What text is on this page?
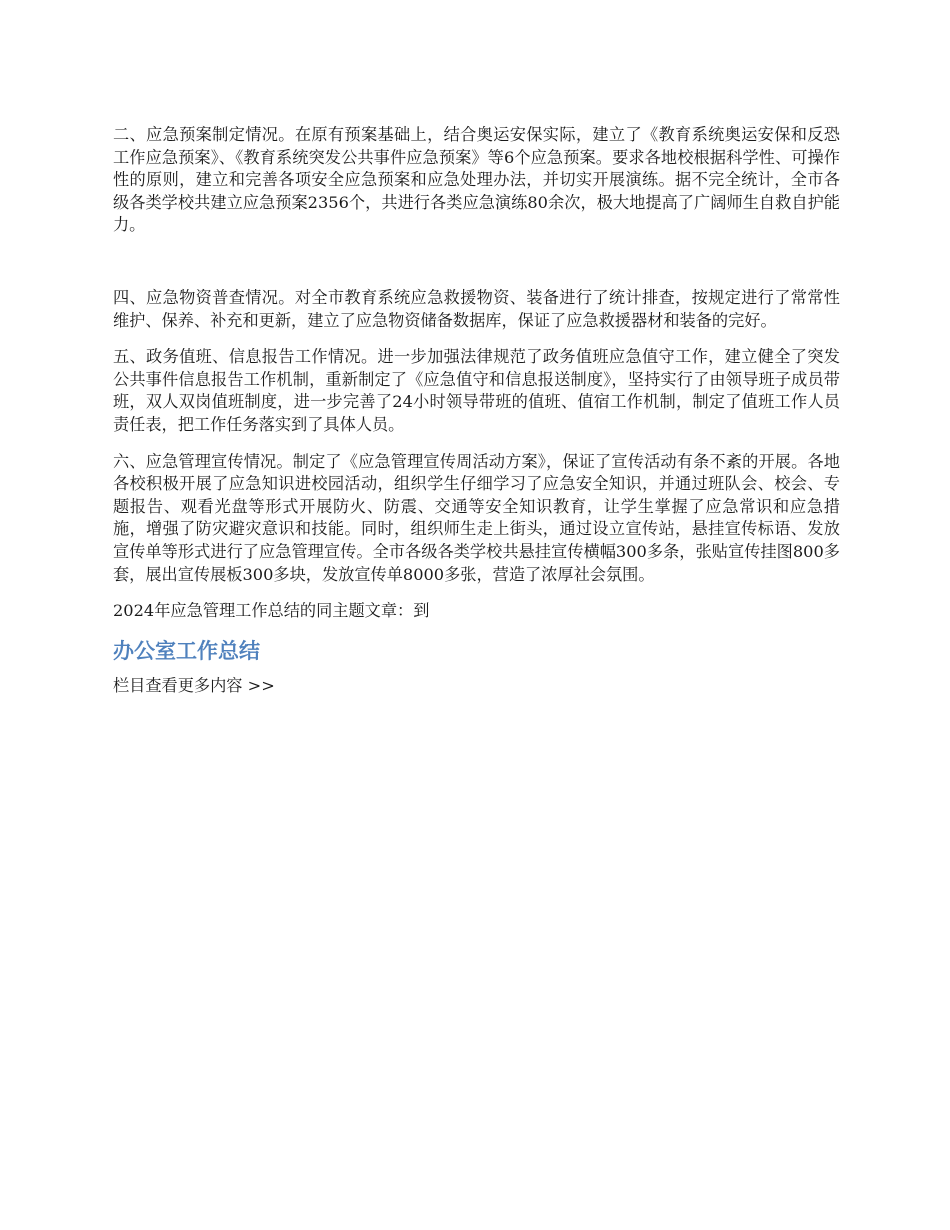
二、应急预案制定情况。在原有预案基础上，结合奥运安保实际，建立了《教育系统奥运安保和反恐工作应急预案》、《教育系统突发公共事件应急预案》等6个应急预案。要求各地校根据科学性、可操作性的原则，建立和完善各项安全应急预案和应急处理办法，并切实开展演练。据不完全统计，全市各级各类学校共建立应急预案2356个，共进行各类应急演练80余次，极大地提高了广阔师生自救自护能力。

四、应急物资普查情况。对全市教育系统应急救援物资、装备进行了统计排查，按规定进行了常常性维护、保养、补充和更新，建立了应急物资储备数据库，保证了应急救援器材和装备的完好。

五、政务值班、信息报告工作情况。进一步加强法律规范了政务值班应急值守工作，建立健全了突发公共事件信息报告工作机制，重新制定了《应急值守和信息报送制度》，坚持实行了由领导班子成员带班，双人双岗值班制度，进一步完善了24小时领导带班的值班、值宿工作机制，制定了值班工作人员责任表，把工作任务落实到了具体人员。

六、应急管理宣传情况。制定了《应急管理宣传周活动方案》，保证了宣传活动有条不紊的开展。各地各校积极开展了应急知识进校园活动，组织学生仔细学习了应急安全知识，并通过班队会、校会、专题报告、观看光盘等形式开展防火、防震、交通等安全知识教育，让学生掌握了应急常识和应急措施，增强了防灾避灾意识和技能。同时，组织师生走上街头，通过设立宣传站，悬挂宣传标语、发放宣传单等形式进行了应急管理宣传。全市各级各类学校共悬挂宣传横幅300多条，张贴宣传挂图800多套，展出宣传展板300多块，发放宣传单8000多张，营造了浓厚社会氛围。

2024年应急管理工作总结的同主题文章：到

办公室工作总结
栏目查看更多内容 >>
